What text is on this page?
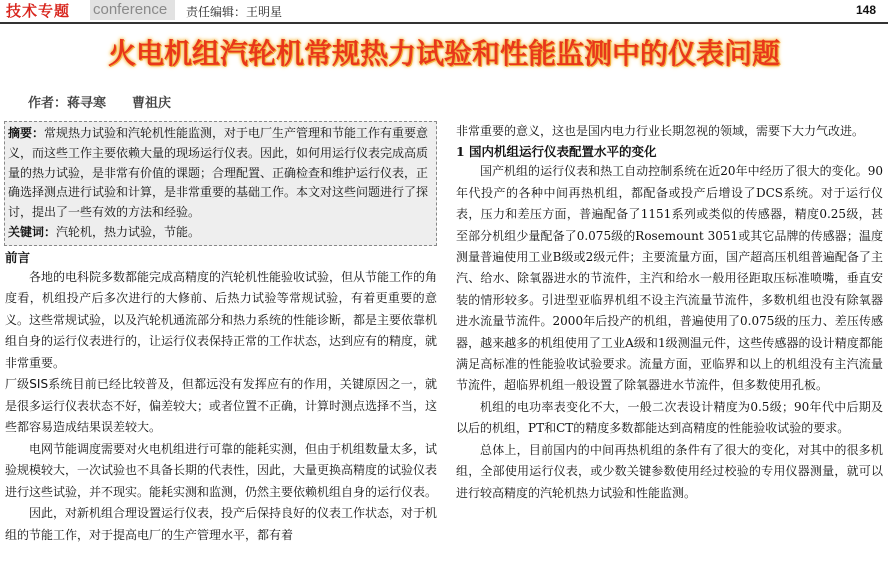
技术专题 conference	责任编辑：王明星	148
火电机组汽轮机常规热力试验和性能监测中的仪表问题
作者：蒋寻寒 曹祖庆
摘要：常规热力试验和汽轮机性能监测，对于电厂生产管理和节能工作有重要意义，而这些工作主要依赖大量的现场运行仪表。因此，如何用运行仪表完成高质量的热力试验，是非常有价值的课题；合理配置、正确检查和维护运行仪表，正确选择测点进行试验和计算，是非常重要的基础工作。本文对这些问题进行了探讨，提出了一些有效的方法和经验。
关键词：汽轮机，热力试验，节能。
前言

各地的电科院多数都能完成高精度的汽轮机性能验收试验，但从节能工作的角度看，机组投产后多次进行的大修前、后热力试验等常规试验，有着更重要的意义。这些常规试验，以及汽轮机通流部分和热力系统的性能诊断，都是主要依靠机组自身的运行仪表进行的，让运行仪表保持正常的工作状态，达到应有的精度，就非常重要。

厂级SIS系统目前已经比较普及，但都远没有发挥应有的作用，关键原因之一，就是很多运行仪表状态不好，偏差较大；或者位置不正确，计算时测点选择不当，这些都容易造成结果误差较大。

电网节能调度需要对火电机组进行可靠的能耗实测，但由于机组数量太多，试验规模较大，一次试验也不具备长期的代表性，因此，大量更换高精度的试验仪表进行这些试验，并不现实。能耗实测和监测，仍然主要依赖机组自身的运行仪表。

因此，对新机组合理设置运行仪表，投产后保持良好的仪表工作状态，对于机组的节能工作，对于提高电厂的生产管理水平，都有着

非常重要的意义，这也是国内电力行业长期忽视的领域，需要下大力气改进。

1 国内机组运行仪表配置水平的变化

国产机组的运行仪表和热工自动控制系统在近20年中经历了很大的变化。90年代投产的各种中间再热机组，都配备或投产后增设了DCS系统。对于运行仪表，压力和差压方面，普遍配备了1151系列或类似的传感器，精度0.25级，甚至部分机组少量配备了0.075级的Rosemount 3051或其它品牌的传感器；温度测量普遍使用工业B级或2级元件；主要流量方面，国产超高压机组普遍配备了主汽、给水、除氧器进水的节流件，主汽和给水一般用径距取压标准喷嘴，垂直安装的情形较多。引进型亚临界机组不设主汽流量节流件，多数机组也没有除氧器进水流量节流件。2000年后投产的机组，普遍使用了0.075级的压力、差压传感器，越来越多的机组使用了工业A级和1级测温元件，这些传感器的设计精度都能满足高标准的性能验收试验要求。流量方面，亚临界和以上的机组没有主汽流量节流件，超临界机组一般设置了除氧器进水节流件，但多数使用孔板。

机组的电功率表变化不大，一般二次表设计精度为0.5级；90年代中后期及以后的机组，PT和CT的精度多数都能达到高精度的性能验收试验的要求。

总体上，目前国内的中间再热机组的条件有了很大的变化，对其中的很多机组，全部使用运行仪表，或少数关键参数使用经过校验的专用仪器测量，就可以进行较高精度的汽轮机热力试验和性能监测。
